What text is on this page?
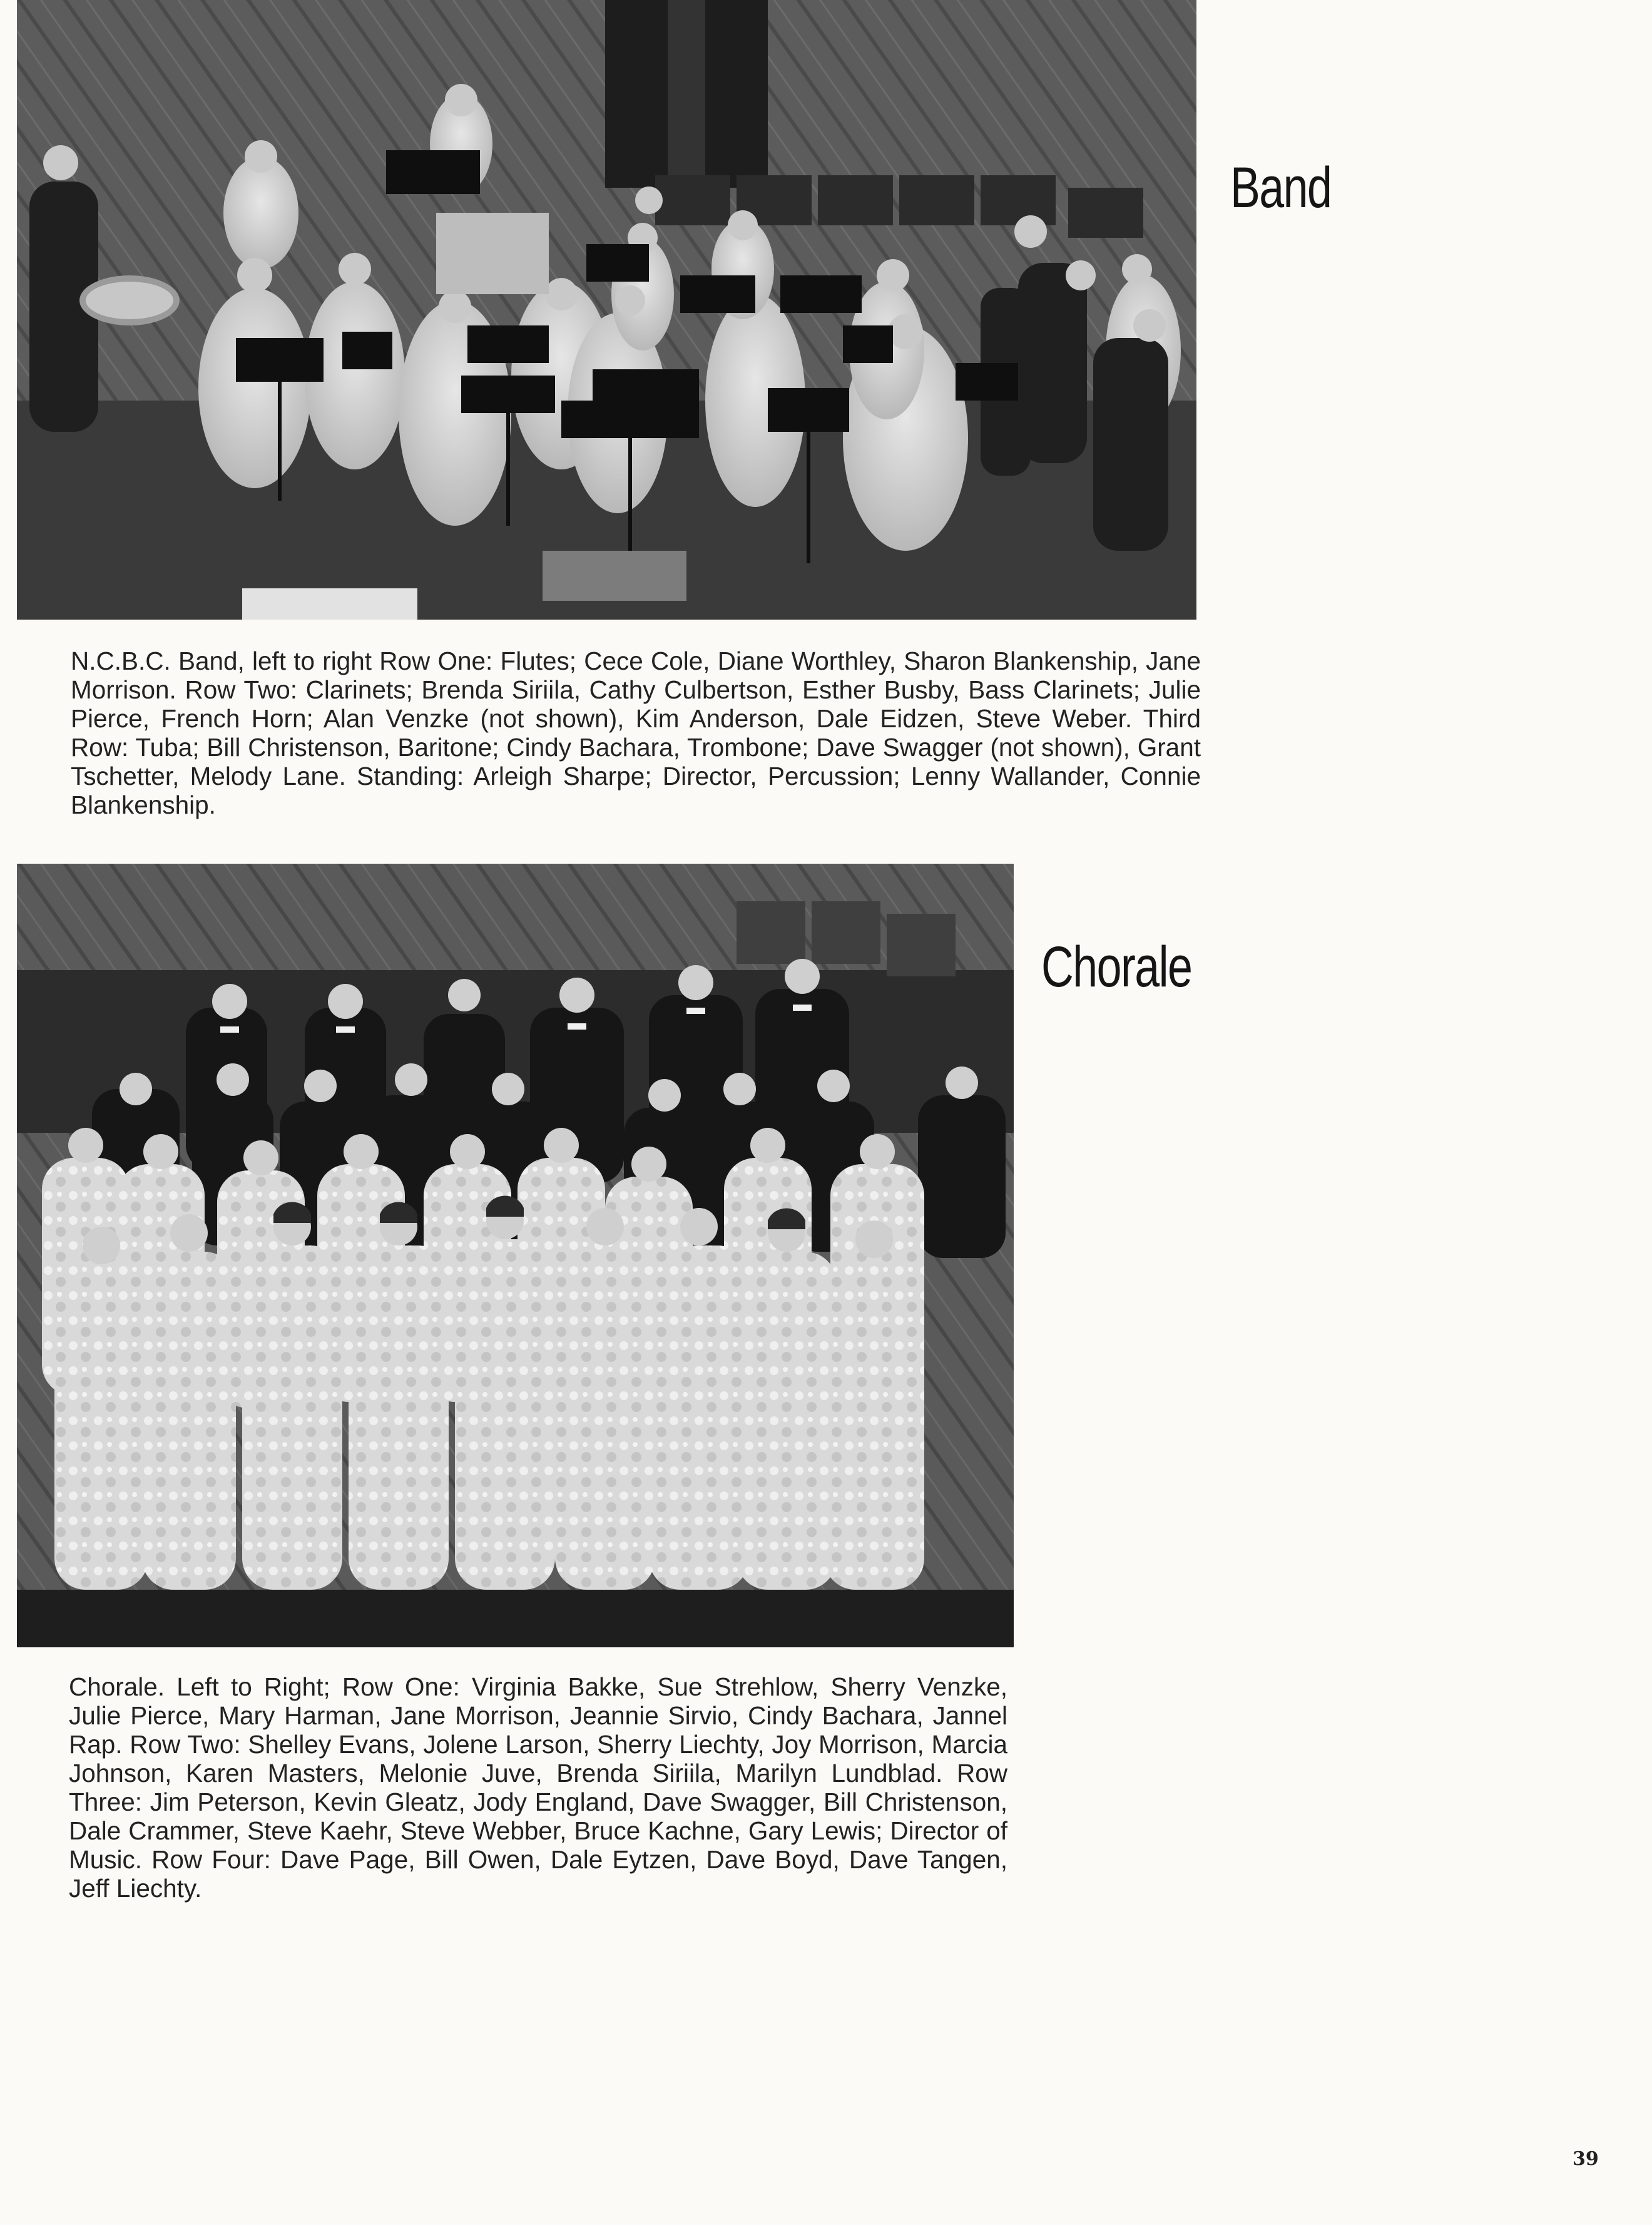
Band

N.C.B.C. Band, left to right Row One: Flutes; Cece Cole, Diane Worthley, Sharon Blankenship, Jane Morrison. Row Two: Clarinets; Brenda Siriila, Cathy Culbertson, Esther Busby, Bass Clarinets; Julie Pierce, French Horn; Alan Venzke (not shown), Kim Anderson, Dale Eidzen, Steve Weber. Third Row: Tuba; Bill Christenson, Baritone; Cindy Bachara, Trombone; Dave Swagger (not shown), Grant Tschetter, Melody Lane. Standing: Arleigh Sharpe; Director, Percussion; Lenny Wallander, Connie Blankenship.

Chorale

Chorale. Left to Right; Row One: Virginia Bakke, Sue Strehlow, Sherry Venzke, Julie Pierce, Mary Harman, Jane Morrison, Jeannie Sirvio, Cindy Bachara, Jannel Rap. Row Two: Shelley Evans, Jolene Larson, Sherry Liechty, Joy Morrison, Marcia Johnson, Karen Masters, Melonie Juve, Brenda Siriila, Marilyn Lundblad. Row Three: Jim Peterson, Kevin Gleatz, Jody England, Dave Swagger, Bill Christenson, Dale Crammer, Steve Kaehr, Steve Webber, Bruce Kachne, Gary Lewis; Director of Music. Row Four: Dave Page, Bill Owen, Dale Eytzen, Dave Boyd, Dave Tangen, Jeff Liechty.

39
